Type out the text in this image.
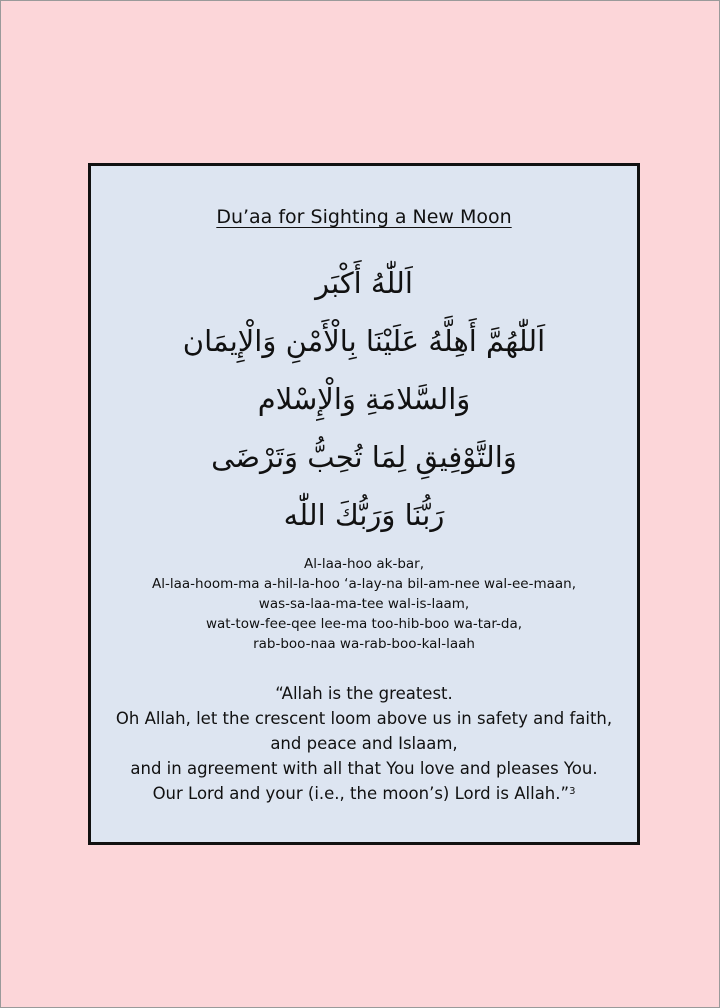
Du’aa for Sighting a New Moon
اَللّٰهُ أَكْبَر
اَللّٰهُمَّ أَهِلَّهُ عَلَيْنَا بِالْأَمْنِ وَالْإِيمَان
وَالسَّلامَةِ وَالْإِسْلام
وَالتَّوْفِيقِ لِمَا تُحِبُّ وَتَرْضَى
رَبُّنَا وَرَبُّكَ اللّٰه
Al-laa-hoo ak-bar,
Al-laa-hoom-ma a-hil-la-hoo ‘a-lay-na bil-am-nee wal-ee-maan,
was-sa-laa-ma-tee wal-is-laam,
wat-tow-fee-qee lee-ma too-hib-boo wa-tar-da,
rab-boo-naa wa-rab-boo-kal-laah
“Allah is the greatest.
Oh Allah, let the crescent loom above us in safety and faith,
and peace and Islaam,
and in agreement with all that You love and pleases You.
Our Lord and your (i.e., the moon’s) Lord is Allah.”$^3$
